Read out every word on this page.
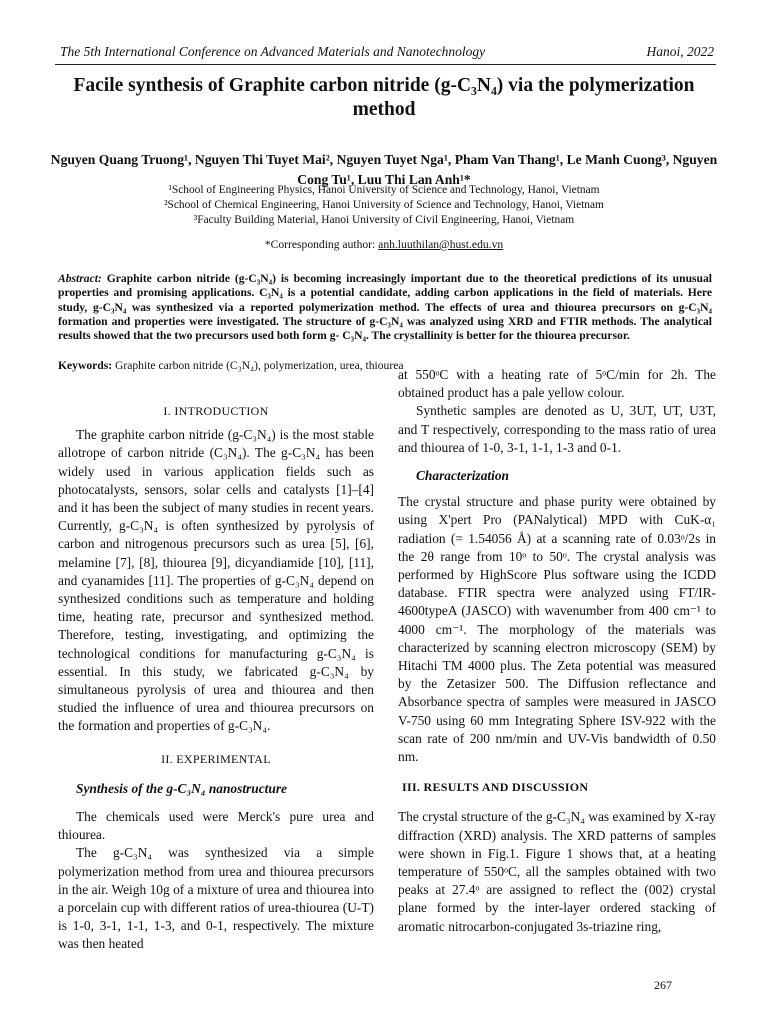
The 5th International Conference on Advanced Materials and Nanotechnology	Hanoi, 2022
Facile synthesis of Graphite carbon nitride (g-C₃N₄) via the polymerization method
Nguyen Quang Truong¹, Nguyen Thi Tuyet Mai², Nguyen Tuyet Nga¹, Pham Van Thang¹, Le Manh Cuong³, Nguyen Cong Tu¹, Luu Thi Lan Anh¹*
¹School of Engineering Physics, Hanoi University of Science and Technology, Hanoi, Vietnam
²School of Chemical Engineering, Hanoi University of Science and Technology, Hanoi, Vietnam
³Faculty Building Material, Hanoi University of Civil Engineering, Hanoi, Vietnam
*Corresponding author: anh.luuthilan@hust.edu.vn
Abstract: Graphite carbon nitride (g-C₃N₄) is becoming increasingly important due to the theoretical predictions of its unusual properties and promising applications. C₃N₄ is a potential candidate, adding carbon applications in the field of materials. Here study, g-C₃N₄ was synthesized via a reported polymerization method. The effects of urea and thiourea precursors on g-C₃N₄ formation and properties were investigated. The structure of g-C₃N₄ was analyzed using XRD and FTIR methods. The analytical results showed that the two precursors used both form g- C₃N₄. The crystallinity is better for the thiourea precursor.
Keywords: Graphite carbon nitride (C₃N₄), polymerization, urea, thiourea

I. INTRODUCTION

The graphite carbon nitride (g-C₃N₄) is the most stable allotrope of carbon nitride (C₃N₄). The g-C₃N₄ has been widely used in various application fields such as photocatalysts, sensors, solar cells and catalysts [1]–[4] and it has been the subject of many studies in recent years. Currently, g-C₃N₄ is often synthesized by pyrolysis of carbon and nitrogenous precursors such as urea [5], [6], melamine [7], [8], thiourea [9], dicyandiamide [10], [11], and cyanamides [11]. The properties of g-C₃N₄ depend on synthesized conditions such as temperature and holding time, heating rate, precursor and synthesized method. Therefore, testing, investigating, and optimizing the technological conditions for manufacturing g-C₃N₄ is essential. In this study, we fabricated g-C₃N₄ by simultaneous pyrolysis of urea and thiourea and then studied the influence of urea and thiourea precursors on the formation and properties of g-C₃N₄.

II. EXPERIMENTAL

Synthesis of the g-C₃N₄ nanostructure

The chemicals used were Merck's pure urea and thiourea.

The g-C₃N₄ was synthesized via a simple polymerization method from urea and thiourea precursors in the air. Weigh 10g of a mixture of urea and thiourea into a porcelain cup with different ratios of urea-thiourea (U-T) is 1-0, 3-1, 1-1, 1-3, and 0-1, respectively. The mixture was then heated

at 550ᵒC with a heating rate of 5ᵒC/min for 2h. The obtained product has a pale yellow colour.

Synthetic samples are denoted as U, 3UT, UT, U3T, and T respectively, corresponding to the mass ratio of urea and thiourea of 1-0, 3-1, 1-1, 1-3 and 0-1.

Characterization

The crystal structure and phase purity were obtained by using X'pert Pro (PANalytical) MPD with CuK-α₁ radiation (= 1.54056 Å) at a scanning rate of 0.03ᵒ/2s in the 2θ range from 10ᵒ to 50ᵒ. The crystal analysis was performed by HighScore Plus software using the ICDD database. FTIR spectra were analyzed using FT/IR-4600typeA (JASCO) with wavenumber from 400 cm⁻¹ to 4000 cm⁻¹. The morphology of the materials was characterized by scanning electron microscopy (SEM) by Hitachi TM 4000 plus. The Zeta potential was measured by the Zetasizer 500. The Diffusion reflectance and Absorbance spectra of samples were measured in JASCO V-750 using 60 mm Integrating Sphere ISV-922 with the scan rate of 200 nm/min and UV-Vis bandwidth of 0.50 nm.

III. RESULTS AND DISCUSSION

The crystal structure of the g-C₃N₄ was examined by X-ray diffraction (XRD) analysis. The XRD patterns of samples were shown in Fig.1. Figure 1 shows that, at a heating temperature of 550ᵒC, all the samples obtained with two peaks at 27.4ᵒ are assigned to reflect the (002) crystal plane formed by the inter-layer ordered stacking of aromatic nitrocarbon-conjugated 3s-triazine ring,

267
